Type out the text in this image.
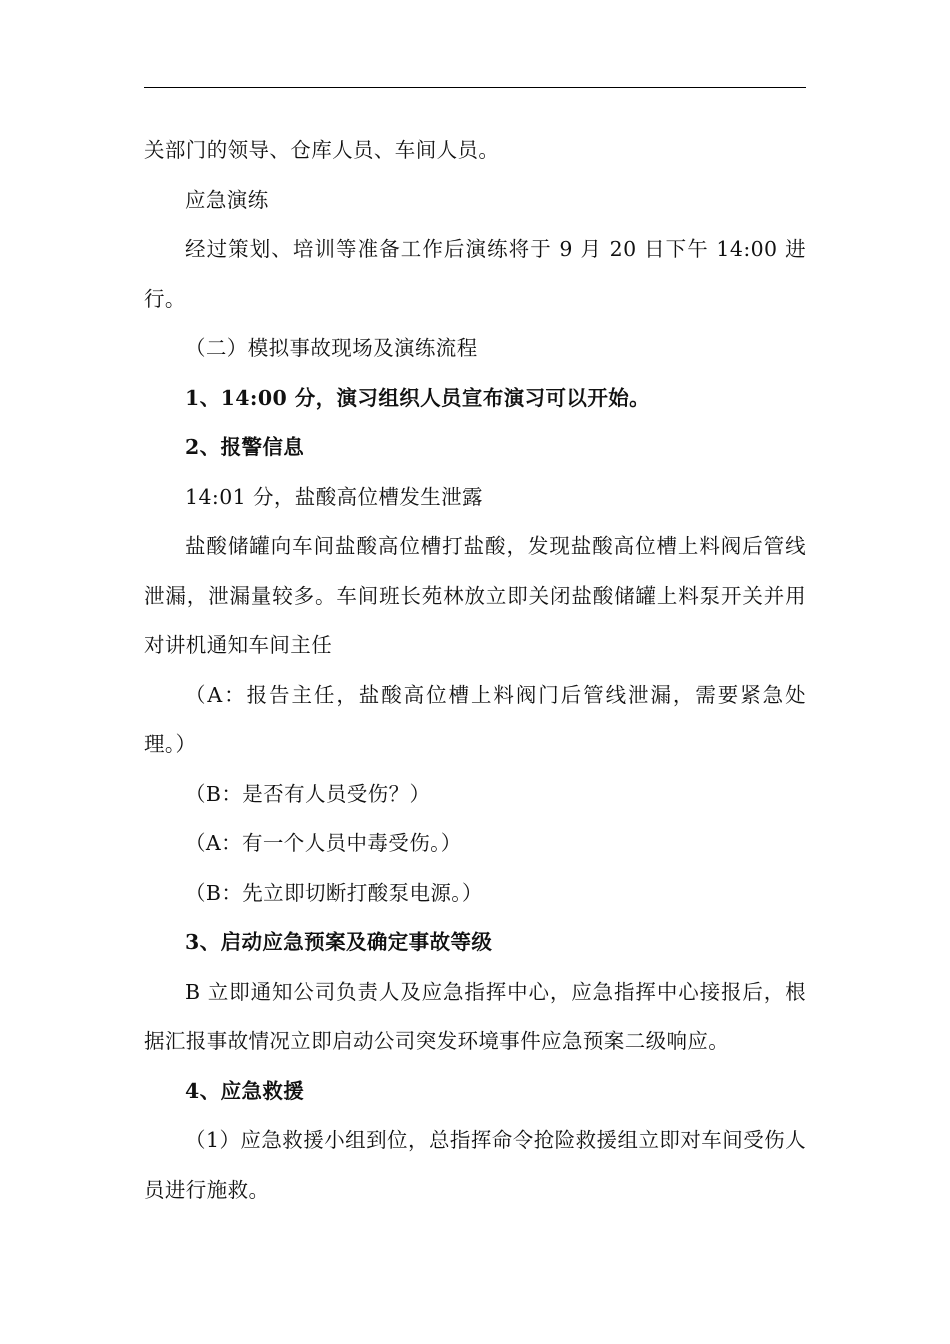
关部门的领导、仓库人员、车间人员。

应急演练

经过策划、培训等准备工作后演练将于 9 月 20 日下午 14:00 进行。

（二）模拟事故现场及演练流程

1、14:00 分，演习组织人员宣布演习可以开始。

2、报警信息

14:01 分，盐酸高位槽发生泄露

盐酸储罐向车间盐酸高位槽打盐酸，发现盐酸高位槽上料阀后管线泄漏，泄漏量较多。车间班长苑林放立即关闭盐酸储罐上料泵开关并用对讲机通知车间主任

（A：报告主任，盐酸高位槽上料阀门后管线泄漏，需要紧急处理。）

（B：是否有人员受伤？）

（A：有一个人员中毒受伤。）

（B：先立即切断打酸泵电源。）

3、启动应急预案及确定事故等级

B 立即通知公司负责人及应急指挥中心，应急指挥中心接报后，根据汇报事故情况立即启动公司突发环境事件应急预案二级响应。

4、应急救援

（1）应急救援小组到位，总指挥命令抢险救援组立即对车间受伤人员进行施救。
